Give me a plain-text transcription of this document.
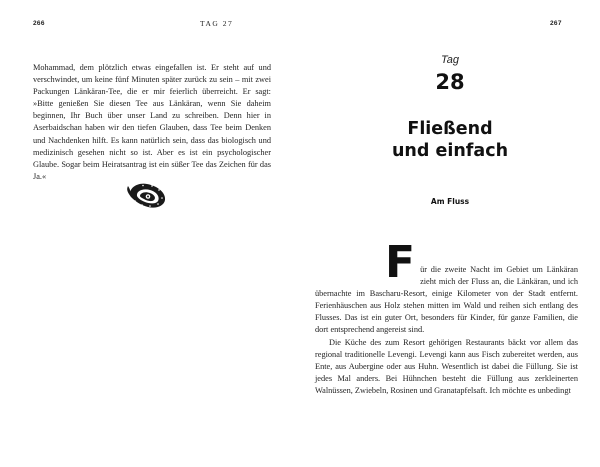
266	TAG 27

Mohammad, dem plötzlich etwas eingefallen ist. Er steht auf und verschwindet, um keine fünf Minuten später zurück zu sein – mit zwei Packungen Länkäran-Tee, die er mir feierlich überreicht. Er sagt: »Bitte genießen Sie diesen Tee aus Länkäran, wenn Sie daheim beginnen, Ihr Buch über unser Land zu schreiben. Denn hier in Aserbaidschan haben wir den tiefen Glauben, dass Tee beim Denken und Nachdenken hilft. Es kann natürlich sein, dass das biologisch und medizinisch gesehen nicht so ist. Aber es ist ein psychologischer Glaube. Sogar beim Heiratsantrag ist ein süßer Tee das Zeichen für das Ja.«

267
Tag
28
Fließend
und einfach
Am Fluss
F ür die zweite Nacht im Gebiet um Länkäran zieht mich der Fluss an, die Länkäran, und ich übernachte im Bascharu-Resort, einige Kilometer von der Stadt entfernt. Ferienhäuschen aus Holz stehen mitten im Wald und reihen sich entlang des Flusses. Das ist ein guter Ort, besonders für Kinder, für ganze Familien, die dort entsprechend angereist sind.

Die Küche des zum Resort gehörigen Restaurants bäckt vor allem das regional traditionelle Levengi. Levengi kann aus Fisch zubereitet werden, aus Ente, aus Aubergine oder aus Huhn. Wesentlich ist dabei die Füllung. Sie ist jedes Mal anders. Bei Hühnchen besteht die Füllung aus zerkleinerten Walnüssen, Zwiebeln, Rosinen und Granatapfelsaft. Ich möchte es unbedingt
